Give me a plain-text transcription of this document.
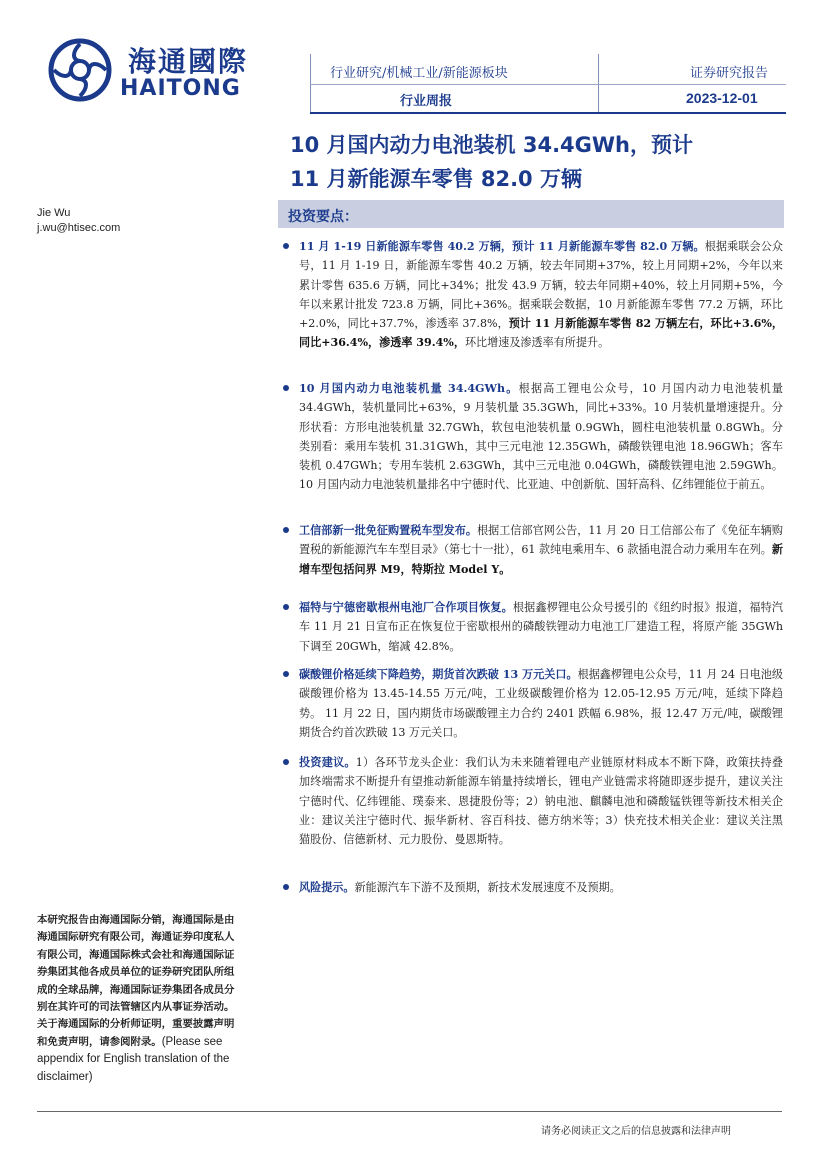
海通國際
HAITONG
行业研究/机械工业/新能源板块	证券研究报告
行业周报	2023-12-01
10 月国内动力电池装机 34.4GWh，预计
11 月新能源车零售 82.0 万辆
Jie Wu
j.wu@htisec.com
投资要点：
11 月 1-19 日新能源车零售 40.2 万辆，预计 11 月新能源车零售 82.0 万辆。根据乘联会公众号，11 月 1-19 日，新能源车零售 40.2 万辆，较去年同期+37%，较上月同期+2%，今年以来累计零售 635.6 万辆，同比+34%；批发 43.9 万辆，较去年同期+40%，较上月同期+5%，今年以来累计批发 723.8 万辆，同比+36%。据乘联会数据，10 月新能源车零售 77.2 万辆，环比+2.0%，同比+37.7%，渗透率 37.8%，预计 11 月新能源车零售 82 万辆左右，环比+3.6%，同比+36.4%，渗透率 39.4%，环比增速及渗透率有所提升。
10 月国内动力电池装机量 34.4GWh。根据高工锂电公众号，10 月国内动力电池装机量 34.4GWh，装机量同比+63%，9 月装机量 35.3GWh，同比+33%。10 月装机量增速提升。分形状看：方形电池装机量 32.7GWh，软包电池装机量 0.9GWh，圆柱电池装机量 0.8GWh。分类别看：乘用车装机 31.31GWh，其中三元电池 12.35GWh，磷酸铁锂电池 18.96GWh；客车装机 0.47GWh；专用车装机 2.63GWh，其中三元电池 0.04GWh，磷酸铁锂电池 2.59GWh。10 月国内动力电池装机量排名中宁德时代、比亚迪、中创新航、国轩高科、亿纬锂能位于前五。
工信部新一批免征购置税车型发布。根据工信部官网公告，11 月 20 日工信部公布了《免征车辆购置税的新能源汽车车型目录》（第七十一批），61 款纯电乘用车、6 款插电混合动力乘用车在列。新增车型包括问界 M9，特斯拉 Model Y。
福特与宁德密歇根州电池厂合作项目恢复。根据鑫椤锂电公众号援引的《纽约时报》报道，福特汽车 11 月 21 日宣布正在恢复位于密歇根州的磷酸铁锂动力电池工厂建造工程，将原产能 35GWh 下调至 20GWh，缩减 42.8%。
碳酸锂价格延续下降趋势，期货首次跌破 13 万元关口。根据鑫椤锂电公众号，11 月 24 日电池级碳酸锂价格为 13.45-14.55 万元/吨，工业级碳酸锂价格为 12.05-12.95 万元/吨，延续下降趋势。 11 月 22 日，国内期货市场碳酸锂主力合约 2401 跌幅 6.98%，报 12.47 万元/吨，碳酸锂期货合约首次跌破 13 万元关口。
投资建议。1）各环节龙头企业：我们认为未来随着锂电产业链原材料成本不断下降，政策扶持叠加终端需求不断提升有望推动新能源车销量持续增长，锂电产业链需求将随即逐步提升，建议关注宁德时代、亿纬锂能、璞泰来、恩捷股份等；2）钠电池、麒麟电池和磷酸锰铁锂等新技术相关企业：建议关注宁德时代、振华新材、容百科技、德方纳米等；3）快充技术相关企业：建议关注黑猫股份、信德新材、元力股份、曼恩斯特。
风险提示。新能源汽车下游不及预期，新技术发展速度不及预期。
本研究报告由海通国际分销，海通国际是由海通国际研究有限公司，海通证券印度私人有限公司，海通国际株式会社和海通国际证券集团其他各成员单位的证券研究团队所组成的全球品牌，海通国际证券集团各成员分别在其许可的司法管辖区内从事证券活动。关于海通国际的分析师证明，重要披露声明和免责声明，请参阅附录。(Please see appendix for English translation of the disclaimer)
请务必阅读正文之后的信息披露和法律声明
